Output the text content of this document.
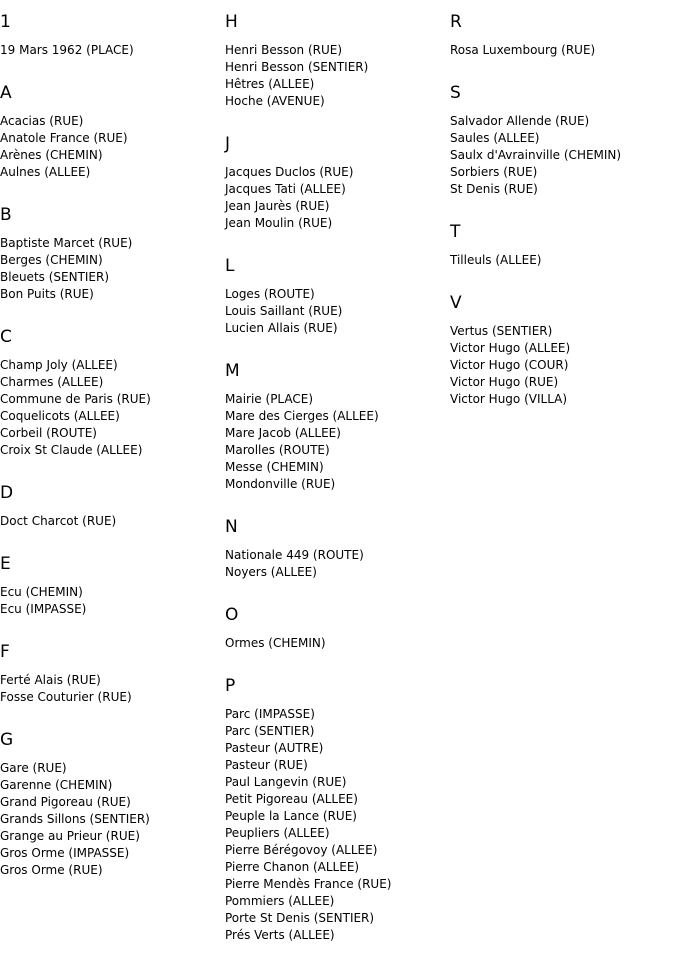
1
19 Mars 1962 (PLACE)
A
Acacias (RUE)
Anatole France (RUE)
Arènes (CHEMIN)
Aulnes (ALLEE)
B
Baptiste Marcet (RUE)
Berges (CHEMIN)
Bleuets (SENTIER)
Bon Puits (RUE)
C
Champ Joly (ALLEE)
Charmes (ALLEE)
Commune de Paris (RUE)
Coquelicots (ALLEE)
Corbeil (ROUTE)
Croix St Claude (ALLEE)
D
Doct Charcot (RUE)
E
Ecu (CHEMIN)
Ecu (IMPASSE)
F
Ferté Alais (RUE)
Fosse Couturier (RUE)
G
Gare (RUE)
Garenne (CHEMIN)
Grand Pigoreau (RUE)
Grands Sillons (SENTIER)
Grange au Prieur (RUE)
Gros Orme (IMPASSE)
Gros Orme (RUE)
H
Henri Besson (RUE)
Henri Besson (SENTIER)
Hêtres (ALLEE)
Hoche (AVENUE)
J
Jacques Duclos (RUE)
Jacques Tati (ALLEE)
Jean Jaurès (RUE)
Jean Moulin (RUE)
L
Loges (ROUTE)
Louis Saillant (RUE)
Lucien Allais (RUE)
M
Mairie (PLACE)
Mare des Cierges (ALLEE)
Mare Jacob (ALLEE)
Marolles (ROUTE)
Messe (CHEMIN)
Mondonville (RUE)
N
Nationale 449 (ROUTE)
Noyers (ALLEE)
O
Ormes (CHEMIN)
P
Parc (IMPASSE)
Parc (SENTIER)
Pasteur (AUTRE)
Pasteur (RUE)
Paul Langevin (RUE)
Petit Pigoreau (ALLEE)
Peuple la Lance (RUE)
Peupliers (ALLEE)
Pierre Bérégovoy (ALLEE)
Pierre Chanon (ALLEE)
Pierre Mendès France (RUE)
Pommiers (ALLEE)
Porte St Denis (SENTIER)
Prés Verts (ALLEE)
R
Rosa Luxembourg (RUE)
S
Salvador Allende (RUE)
Saules (ALLEE)
Saulx d'Avrainville (CHEMIN)
Sorbiers (RUE)
St Denis (RUE)
T
Tilleuls (ALLEE)
V
Vertus (SENTIER)
Victor Hugo (ALLEE)
Victor Hugo (COUR)
Victor Hugo (RUE)
Victor Hugo (VILLA)
